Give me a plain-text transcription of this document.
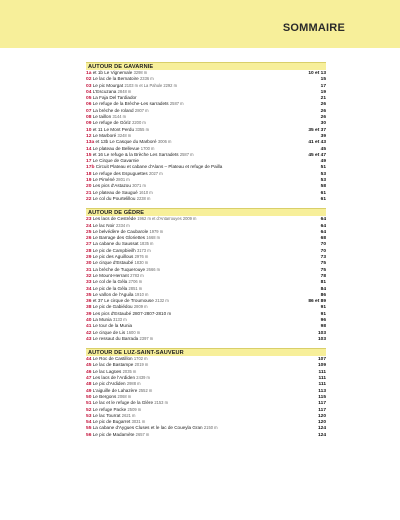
SOMMAIRE
AUTOUR DE GAVARNIE
1a et 1b Le Vignemale 3298 m	10 et 13
02 Le lac de la Bernatoire 2336 m	15
03 Le pic Mourgat 2103 m et La Pahule 2292 m	17
04 L'Escuzana 2848 m	19
05 La Faja Del Tardiador	21
06 Le refuge de la Brèche-Les sarradets 2587 m	26
07 La brèche de roland 2807 m	26
08 Le taillon 3144 m	26
09 Le refuge de Góriz 2200 m	30
10 et 11 Le Mont Perdu 3355 m	35 et 37
12 Le Marboré 3248 m	39
13a et 13b Le Casque du Marboré 3006 m	41 et 43
14 Le plateau de Bellevue 1700 m	45
15 et 16 Le refuge & la Brèche Les Sarradets 2587 m	45 et 47
17 Le Cirque de Gavarnie	49
17b Circuit Plateau et cabane d'Alans – Plateau et refuge de Pailla	51
18 Le refuge des Espuguettes 2027 m	53
19 Le Piméné 2801 m	53
20 Les pics d'Astazou 3071 m	58
21 Le plateau de Saugué 1610 m	61
22 Le col du Pourtelillou 2238 m	61
AUTOUR DE GÈDRE
23 Les lacs de Cestrède 1962 m et d'Antarrouyes 2009 m	64
24 Le lac Noir 2334 m	64
25 Le belvédère de Caubarole 1979 m	64
26 Le Barrage des Gloriettes 1668 m	68
27 La cabane du Saussat 1835 m	70
28 Le pic de Campbieilh 3173 m	70
29 Le pic des Aguillous 2976 m	73
30 Le cirque d'Estaubé 1830 m	75
31 La brèche de Tuquerouye 2666 m	75
32 Le Mount-Herrant 2783 m	78
33 Le col de la Géla 2706 m	81
34 Le pic de la Géla 2851 m	84
35 Le vallon de l'Aguila 1910 m	86
36 et 37 Le cirque de Troumouse 2132 m	86 et 89
38 Le pic de Gabiédou 2809 m	91
39 Les pics d'Estaubé 2807-2807-2810 m	91
40 La Munia 3133 m	96
41 Le tour de la Munia	98
42 Le cirque de Lis 1600 m	103
43 Le ressaut du Barrada 2397 m	103
AUTOUR DE LUZ-SAINT-SAUVEUR
44 Le Roc de Castillon 1702 m	107
45 Le lac de Bastampe 2019 m	109
46 Le lac Lagües 2035 m	111
47 Les lacs de l'Ardiden 2439 m	111
48 Le pic d'Ardiden 2988 m	111
49 L'aiguille de Lahazère 2552 m	113
50 Le Bergons 2068 m	115
51 Le lac et le refuge de la Glère 2153 m	117
52 Le refuge Packe 2509 m	117
53 Le lac Tourrat 2621 m	120
54 Le pic de Bugarret 3031 m	120
55 La cabane d'Aygues Cluses et le lac de Coueyla Gran 2150 m	124
56 Le pic de Madamète 2657 m	124
